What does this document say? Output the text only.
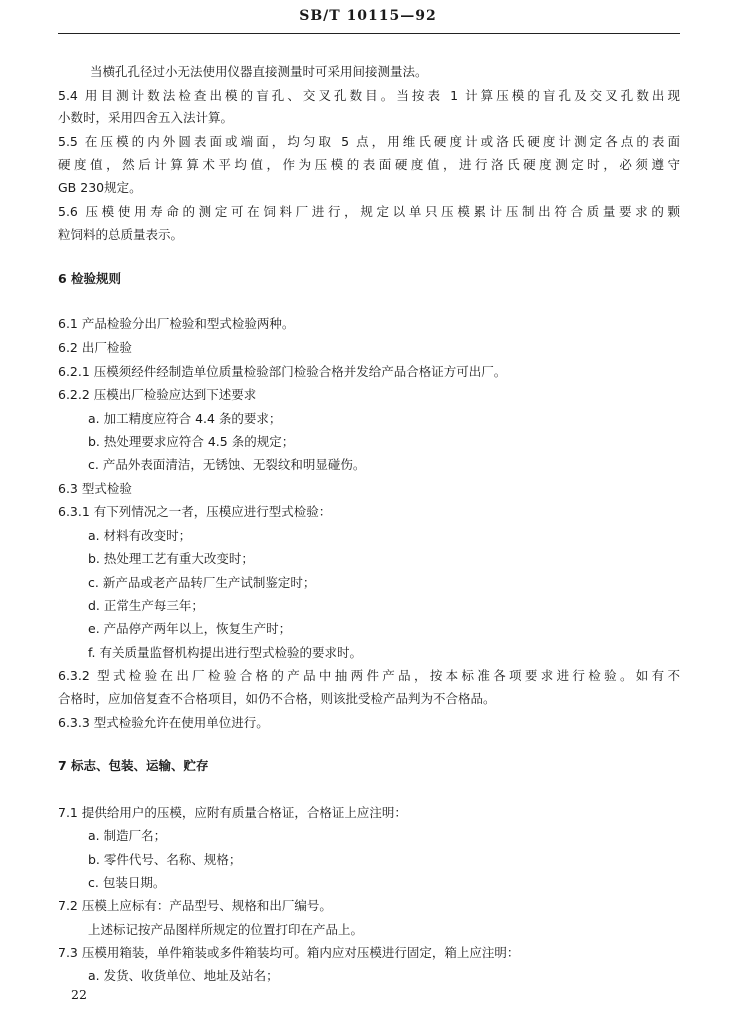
SB/T 10115—92
当横孔孔径过小无法使用仪器直接测量时可采用间接测量法。
5.4 用目测计数法检查出模的盲孔、交叉孔数目。当按表 1 计算压模的盲孔及交叉孔数出现
小数时，采用四舍五入法计算。
5.5 在压模的内外圆表面或端面，均匀取 5 点，用维氏硬度计或洛氏硬度计测定各点的表面
硬度值，然后计算算术平均值，作为压模的表面硬度值，进行洛氏硬度测定时，必须遵守
GB 230规定。
5.6 压模使用寿命的测定可在饲料厂进行，规定以单只压模累计压制出符合质量要求的颗
粒饲料的总质量表示。
6 检验规则
6.1 产品检验分出厂检验和型式检验两种。
6.2 出厂检验
6.2.1 压模须经件经制造单位质量检验部门检验合格并发给产品合格证方可出厂。
6.2.2 压模出厂检验应达到下述要求
a. 加工精度应符合 4.4 条的要求；
b. 热处理要求应符合 4.5 条的规定；
c. 产品外表面清洁，无锈蚀、无裂纹和明显碰伤。
6.3 型式检验
6.3.1 有下列情况之一者，压模应进行型式检验：
a. 材料有改变时；
b. 热处理工艺有重大改变时；
c. 新产品或老产品转厂生产试制鉴定时；
d. 正常生产每三年；
e. 产品停产两年以上，恢复生产时；
f. 有关质量监督机构提出进行型式检验的要求时。
6.3.2 型式检验在出厂检验合格的产品中抽两件产品，按本标准各项要求进行检验。如有不
合格时，应加倍复查不合格项目，如仍不合格，则该批受检产品判为不合格品。
6.3.3 型式检验允许在使用单位进行。
7 标志、包装、运输、贮存
7.1 提供给用户的压模，应附有质量合格证，合格证上应注明：
a. 制造厂名；
b. 零件代号、名称、规格；
c. 包装日期。
7.2 压模上应标有：产品型号、规格和出厂编号。
上述标记按产品图样所规定的位置打印在产品上。
7.3 压模用箱装，单件箱装或多件箱装均可。箱内应对压模进行固定，箱上应注明：
a. 发货、收货单位、地址及站名；
22
